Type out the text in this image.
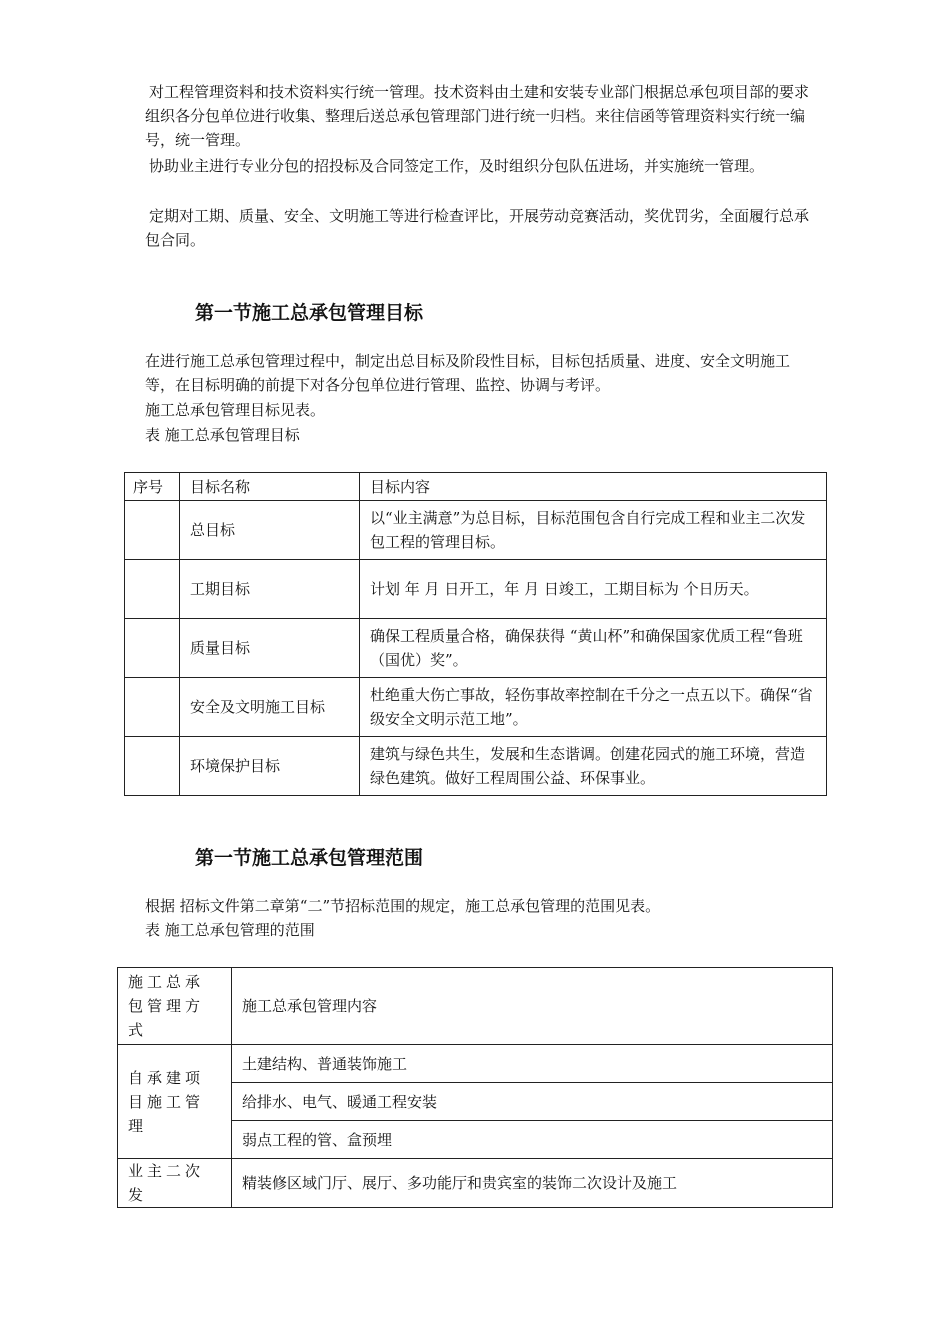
对工程管理资料和技术资料实行统一管理。技术资料由土建和安装专业部门根据总承包项目部的要求组织各分包单位进行收集、整理后送总承包管理部门进行统一归档。来往信函等管理资料实行统一编号，统一管理。

协助业主进行专业分包的招投标及合同签定工作，及时组织分包队伍进场，并实施统一管理。

定期对工期、质量、安全、文明施工等进行检查评比，开展劳动竞赛活动，奖优罚劣，全面履行总承包合同。

第一节施工总承包管理目标

在进行施工总承包管理过程中，制定出总目标及阶段性目标，目标包括质量、进度、安全文明施工等，在目标明确的前提下对各分包单位进行管理、监控、协调与考评。

施工总承包管理目标见表。

表 施工总承包管理目标

序号	目标名称	目标内容
	总目标	以“业主满意”为总目标，目标范围包含自行完成工程和业主二次发包工程的管理目标。
	工期目标	计划 年 月 日开工，年 月 日竣工，工期目标为 个日历天。
	质量目标	确保工程质量合格，确保获得 “黄山杯”和确保国家优质工程“鲁班（国优）奖”。
	安全及文明施工目标	杜绝重大伤亡事故，轻伤事故率控制在千分之一点五以下。确保“省级安全文明示范工地”。
	环境保护目标	建筑与绿色共生，发展和生态谐调。创建花园式的施工环境，营造绿色建筑。做好工程周围公益、环保事业。
第一节施工总承包管理范围

根据 招标文件第二章第“二”节招标范围的规定，施工总承包管理的范围见表。

表 施工总承包管理的范围

施工总承包管理方式	施工总承包管理内容
自承建项目施工管理	土建结构、普通装饰施工
	给排水、电气、暖通工程安装
	弱点工程的管、盒预埋
业主二次发	精装修区域门厅、展厅、多功能厅和贵宾室的装饰二次设计及施工
